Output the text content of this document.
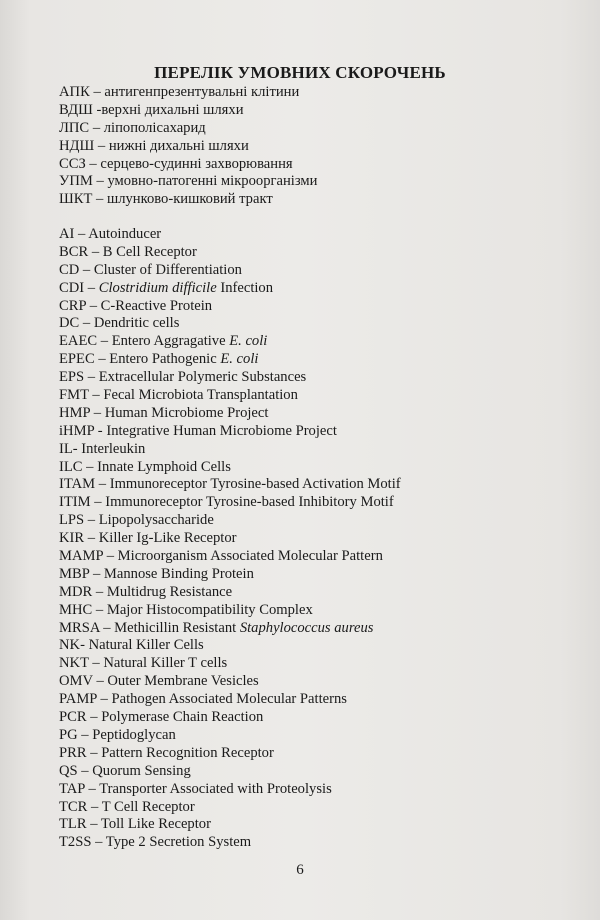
ПЕРЕЛІК УМОВНИХ СКОРОЧЕНЬ
АПК – антигенпрезентувальні клітини
ВДШ -верхні дихальні шляхи
ЛПС – ліпополісахарид
НДШ – нижні дихальні шляхи
ССЗ – серцево-судинні захворювання
УПМ – умовно-патогенні мікроорганізми
ШКТ – шлунково-кишковий тракт
AI – Autoinducer
BCR – B Cell Receptor
CD – Cluster of Differentiation
CDI – Clostridium difficile Infection
CRP – C-Reactive Protein
DC – Dendritic cells
EAEC – Entero Aggragative E. coli
EPEC – Entero Pathogenic E. coli
EPS – Extracellular Polymeric Substances
FMT – Fecal Microbiota Transplantation
HMP – Human Microbiome Project
iHMP - Integrative Human Microbiome Project
IL- Interleukin
ILC – Innate Lymphoid Cells
ITAM – Immunoreceptor Tyrosine-based Activation Motif
ITIM – Immunoreceptor Tyrosine-based Inhibitory Motif
LPS – Lipopolysaccharide
KIR – Killer Ig-Like Receptor
MAMP – Microorganism Associated Molecular Pattern
MBP – Mannose Binding Protein
MDR – Multidrug Resistance
MHC – Major Histocompatibility Complex
MRSA – Methicillin Resistant Staphylococcus aureus
NK- Natural Killer Cells
NKT – Natural Killer T cells
OMV – Outer Membrane Vesicles
PAMP – Pathogen Associated Molecular Patterns
PCR – Polymerase Chain Reaction
PG – Peptidoglycan
PRR – Pattern Recognition Receptor
QS – Quorum Sensing
TAP – Transporter Associated with Proteolysis
TCR – T Cell Receptor
TLR – Toll Like Receptor
T2SS – Type 2 Secretion System
6
